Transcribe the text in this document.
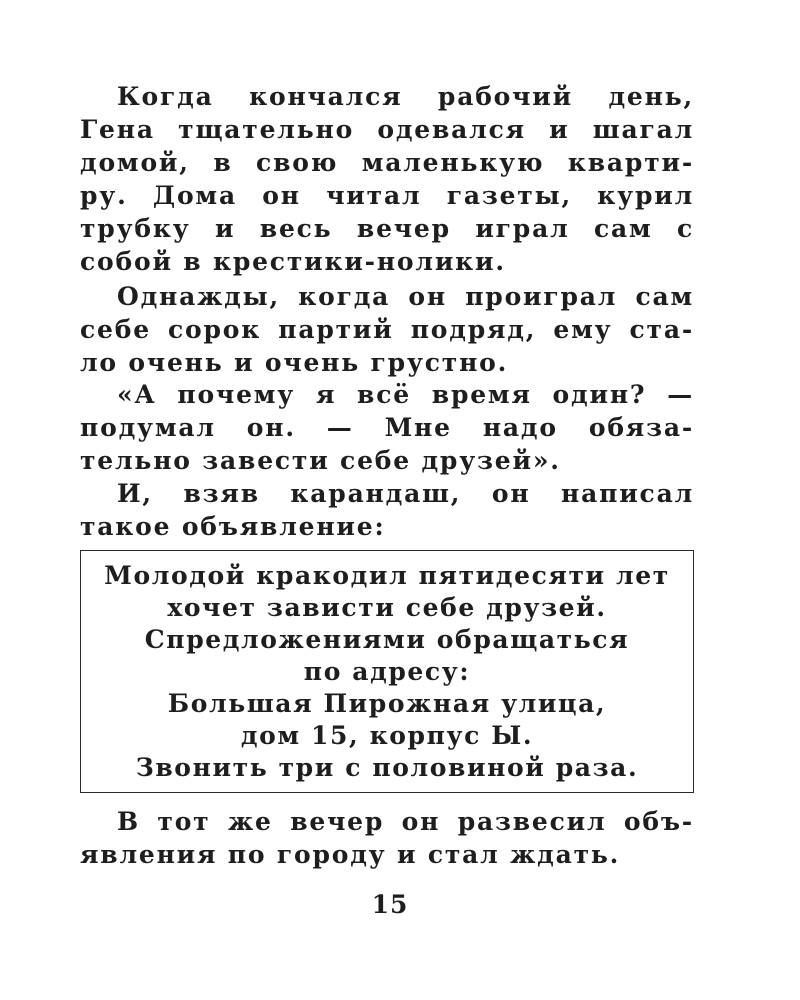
Когда кончался рабочий день,
Гена тщательно одевался и шагал
домой, в свою маленькую кварти-
ру. Дома он читал газеты, курил
трубку и весь вечер играл сам с
собой в крестики-нолики.
Однажды, когда он проиграл сам
себе сорок партий подряд, ему ста-
ло очень и очень грустно.
«А почему я всё время один? —
подумал он. — Мне надо обяза-
тельно завести себе друзей».
И, взяв карандаш, он написал
такое объявление:
Молодой кракодил пятидесяти лет
хочет зависти себе друзей.
Спредложениями обращаться
по адресу:
Большая Пирожная улица,
дом 15, корпус Ы.
Звонить три с половиной раза.
В тот же вечер он развесил объ-
явления по городу и стал ждать.
15
